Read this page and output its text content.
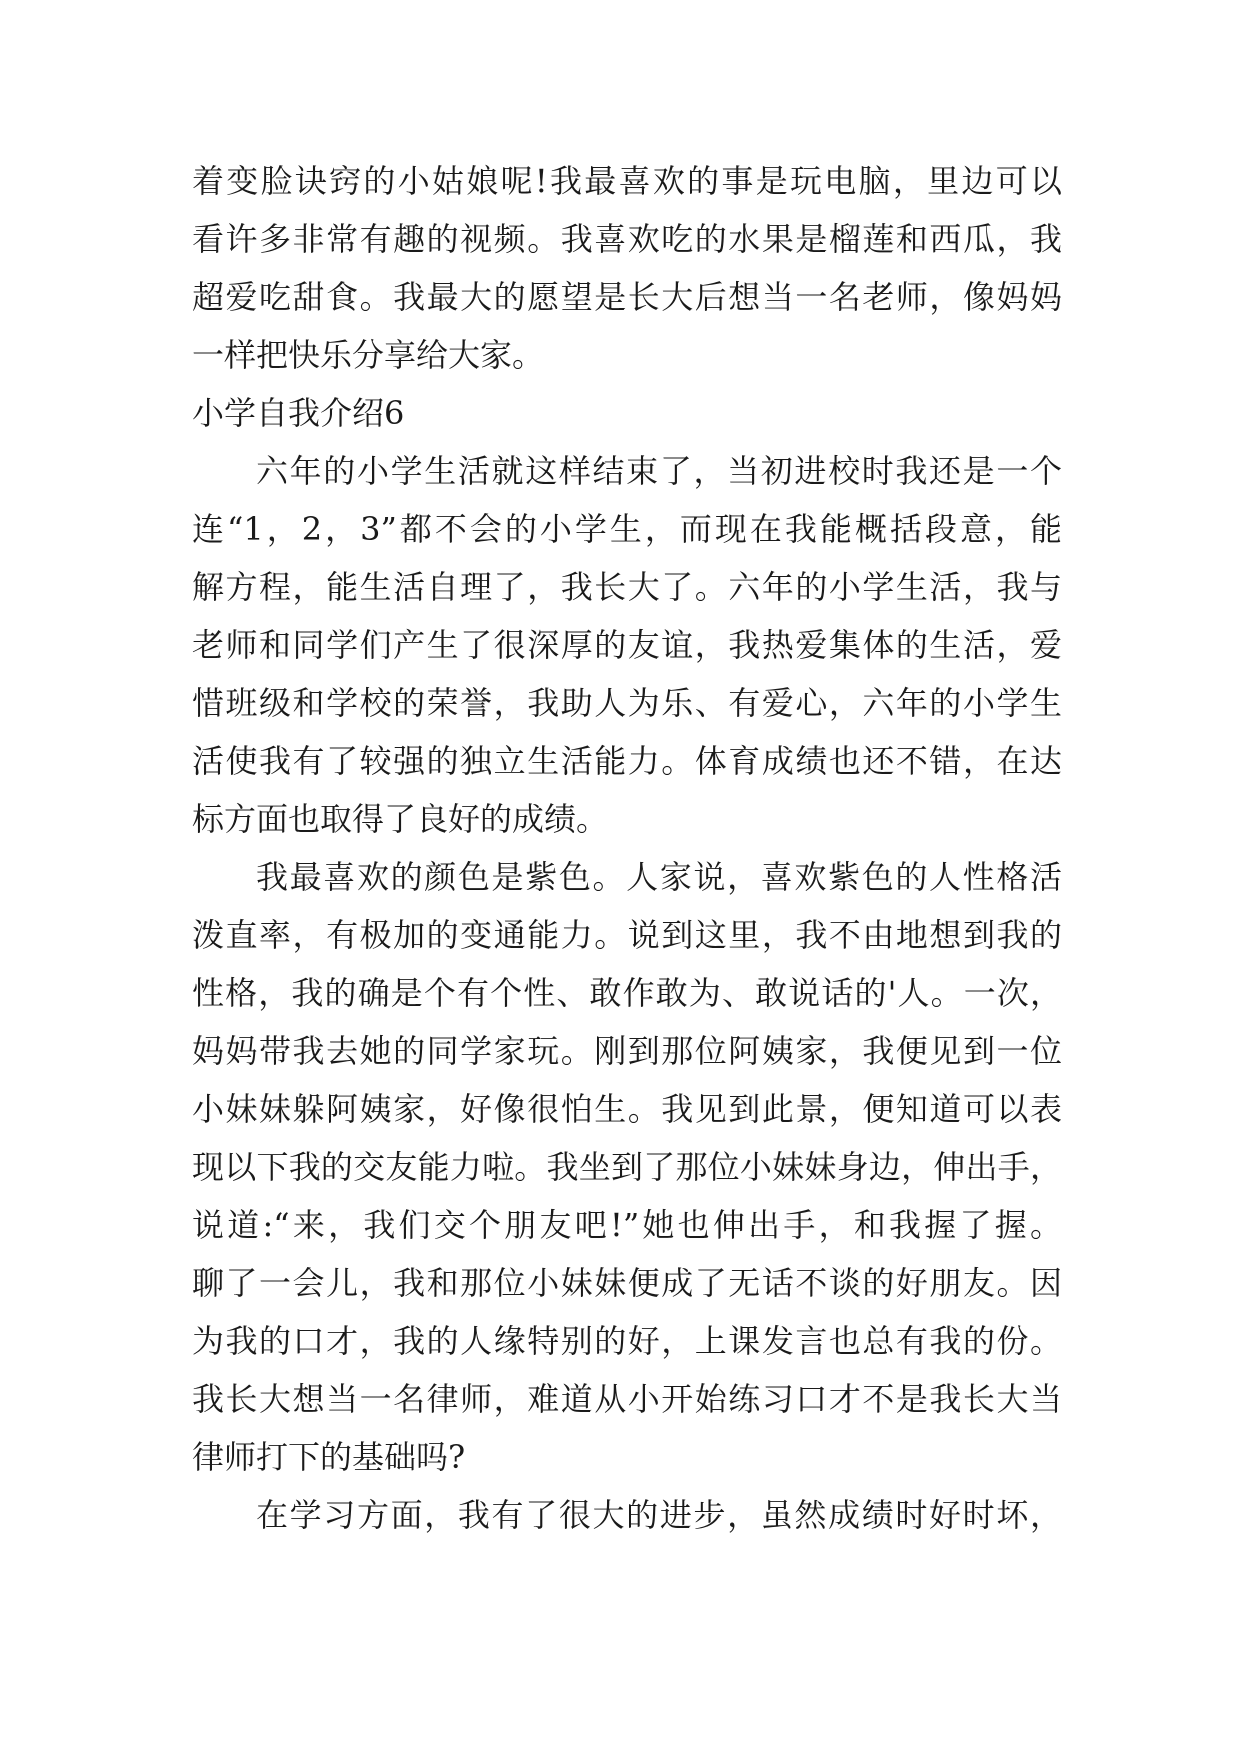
着变脸诀窍的小姑娘呢!我最喜欢的事是玩电脑，里边可以
看许多非常有趣的视频。我喜欢吃的水果是榴莲和西瓜，我
超爱吃甜食。我最大的愿望是长大后想当一名老师，像妈妈
一样把快乐分享给大家。
小学自我介绍6
六年的小学生活就这样结束了，当初进校时我还是一个
连“1，2，3”都不会的小学生，而现在我能概括段意，能
解方程，能生活自理了，我长大了。六年的小学生活，我与
老师和同学们产生了很深厚的友谊，我热爱集体的生活，爱
惜班级和学校的荣誉，我助人为乐、有爱心，六年的小学生
活使我有了较强的独立生活能力。体育成绩也还不错，在达
标方面也取得了良好的成绩。
我最喜欢的颜色是紫色。人家说，喜欢紫色的人性格活
泼直率，有极加的变通能力。说到这里，我不由地想到我的
性格，我的确是个有个性、敢作敢为、敢说话的'人。一次，
妈妈带我去她的同学家玩。刚到那位阿姨家，我便见到一位
小妹妹躲阿姨家，好像很怕生。我见到此景，便知道可以表
现以下我的交友能力啦。我坐到了那位小妹妹身边，伸出手，
说道:“来，我们交个朋友吧!”她也伸出手，和我握了握。
聊了一会儿，我和那位小妹妹便成了无话不谈的好朋友。因
为我的口才，我的人缘特别的好，上课发言也总有我的份。
我长大想当一名律师，难道从小开始练习口才不是我长大当
律师打下的基础吗?
在学习方面，我有了很大的进步，虽然成绩时好时坏，
